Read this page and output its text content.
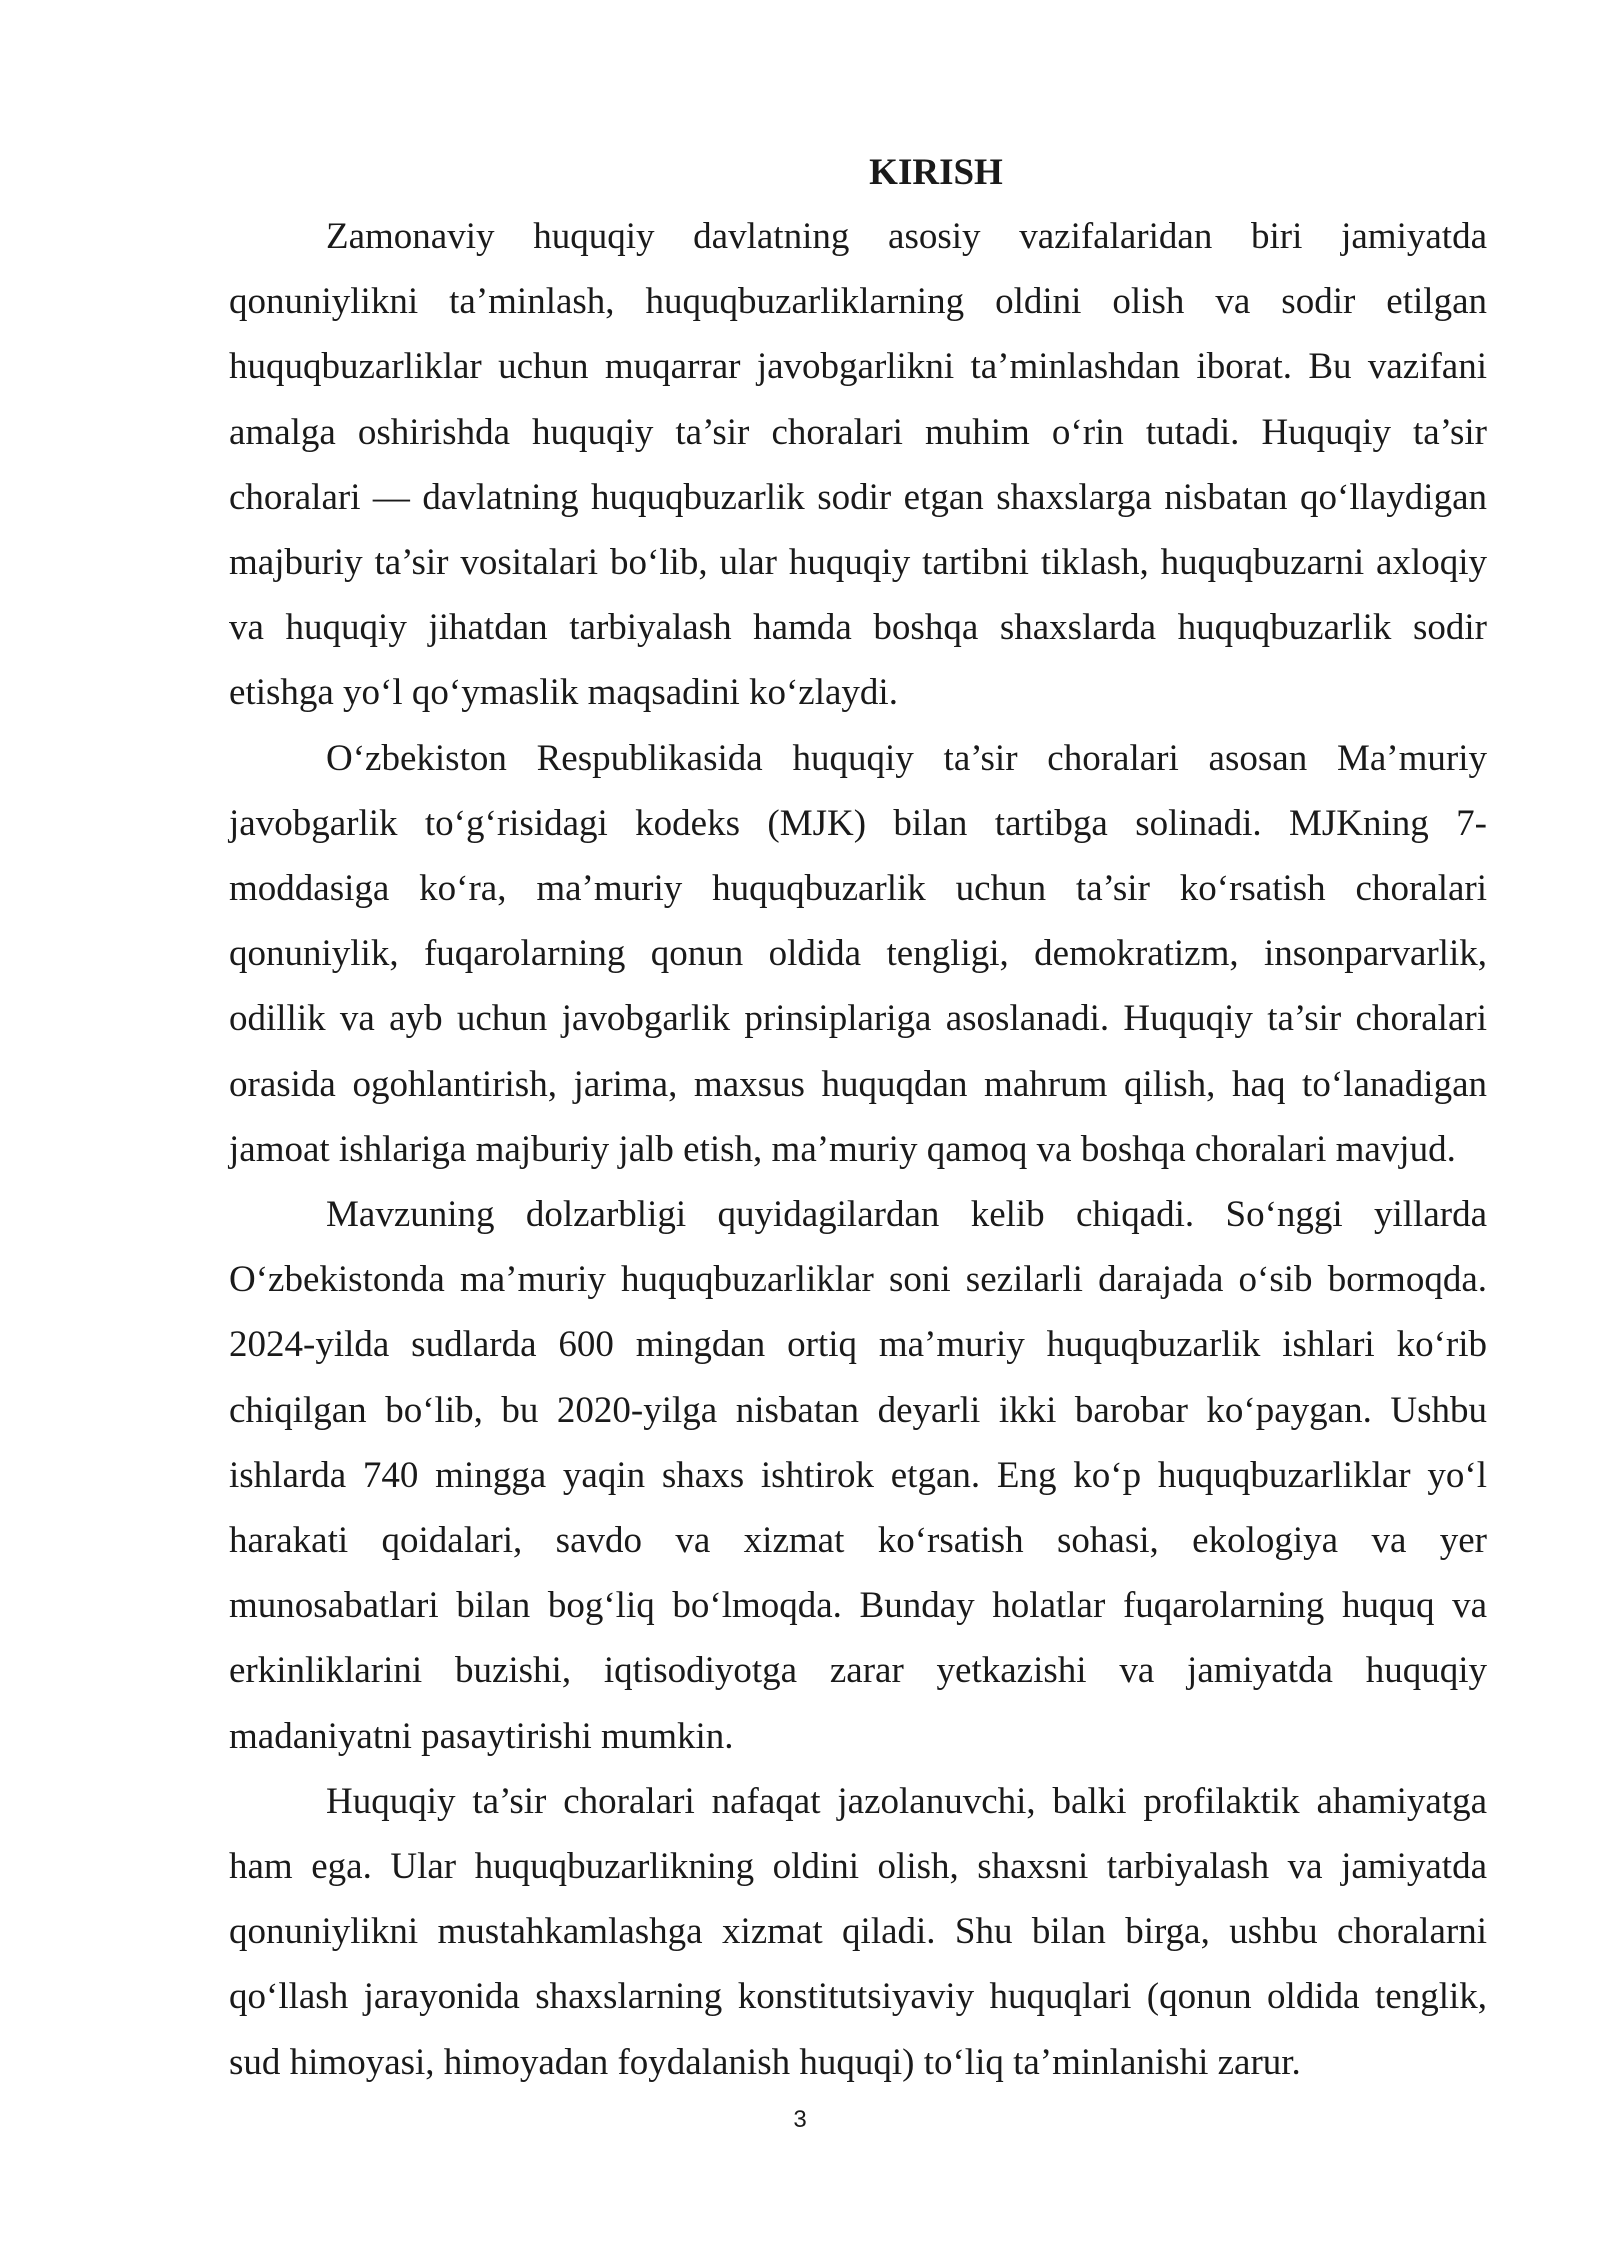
KIRISH

Zamonaviy huquqiy davlatning asosiy vazifalaridan biri jamiyatda qonuniylikni ta’minlash, huquqbuzarliklarning oldini olish va sodir etilgan huquqbuzarliklar uchun muqarrar javobgarlikni ta’minlashdan iborat. Bu vazifani amalga oshirishda huquqiy ta’sir choralari muhim o‘rin tutadi. Huquqiy ta’sir choralari — davlatning huquqbuzarlik sodir etgan shaxslarga nisbatan qo‘llaydigan majburiy ta’sir vositalari bo‘lib, ular huquqiy tartibni tiklash, huquqbuzarni axloqiy va huquqiy jihatdan tarbiyalash hamda boshqa shaxslarda huquqbuzarlik sodir etishga yo‘l qo‘ymaslik maqsadini ko‘zlaydi.

O‘zbekiston Respublikasida huquqiy ta’sir choralari asosan Ma’muriy javobgarlik to‘g‘risidagi kodeks (MJK) bilan tartibga solinadi. MJKning 7-moddasiga ko‘ra, ma’muriy huquqbuzarlik uchun ta’sir ko‘rsatish choralari qonuniylik, fuqarolarning qonun oldida tengligi, demokratizm, insonparvarlik, odillik va ayb uchun javobgarlik prinsiplariga asoslanadi. Huquqiy ta’sir choralari orasida ogohlantirish, jarima, maxsus huquqdan mahrum qilish, haq to‘lanadigan jamoat ishlariga majburiy jalb etish, ma’muriy qamoq va boshqa choralari mavjud.

Mavzuning dolzarbligi quyidagilardan kelib chiqadi. So‘nggi yillarda O‘zbekistonda ma’muriy huquqbuzarliklar soni sezilarli darajada o‘sib bormoqda. 2024-yilda sudlarda 600 mingdan ortiq ma’muriy huquqbuzarlik ishlari ko‘rib chiqilgan bo‘lib, bu 2020-yilga nisbatan deyarli ikki barobar ko‘paygan. Ushbu ishlarda 740 mingga yaqin shaxs ishtirok etgan. Eng ko‘p huquqbuzarliklar yo‘l harakati qoidalari, savdo va xizmat ko‘rsatish sohasi, ekologiya va yer munosabatlari bilan bog‘liq bo‘lmoqda. Bunday holatlar fuqarolarning huquq va erkinliklarini buzishi, iqtisodiyotga zarar yetkazishi va jamiyatda huquqiy madaniyatni pasaytirishi mumkin.

Huquqiy ta’sir choralari nafaqat jazolanuvchi, balki profilaktik ahamiyatga ham ega. Ular huquqbuzarlikning oldini olish, shaxsni tarbiyalash va jamiyatda qonuniylikni mustahkamlashga xizmat qiladi. Shu bilan birga, ushbu choralarni qo‘llash jarayonida shaxslarning konstitutsiyaviy huquqlari (qonun oldida tenglik, sud himoyasi, himoyadan foydalanish huquqi) to‘liq ta’minlanishi zarur.

3
